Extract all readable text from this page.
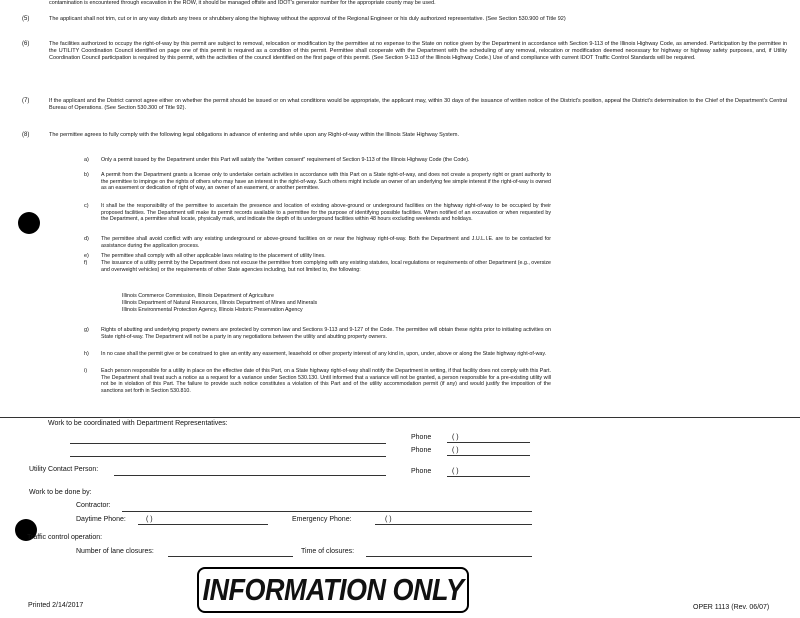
contamination is encountered through excavation in the ROW, it should be managed offsite and IDOT's generator number for the appropriate county may be used.
(5)	The applicant shall not trim, cut or in any way disturb any trees or shrubbery along the highway without the approval of the Regional Engineer or his duly authorized representative. (See Section 530.900 of Title 92)
(6)	The facilities authorized to occupy the right-of-way by this permit are subject to removal, relocation or modification by the permittee at no expense to the State on notice given by the Department in accordance with Section 9-113 of the Illinois Highway Code, as amended. Participation by the permittee in the UTILITY Coordination Council identified on page one of this permit is required as a condition of this permit. Permittee shall cooperate with the Department with the scheduling of any removal, relocation or modification deemed necessary for highway or highway safety purposes, and, if Utility Coordination Council participation is required by this permit, with the activities of the council identified on the first page of this permit. (See Section 9-113 of the Illinois Highway Code.) Use of and compliance with current IDOT Traffic Control Standards will be required.
(7)	If the applicant and the District cannot agree either on whether the permit should be issued or on what conditions would be appropriate, the applicant may, within 30 days of the issuance of written notice of the District's position, appeal the District's determination to the Chief of the Department's Central Bureau of Operations. (See Section 530.300 of Title 92).
(8)	The permittee agrees to fully comply with the following legal obligations in advance of entering and while upon any Right-of-way within the Illinois State Highway System.
a) Only a permit issued by the Department under this Part will satisfy the "written consent" requirement of Section 9-113 of the Illinois Highway Code (the Code).
b) A permit from the Department grants a license only to undertake certain activities in accordance with this Part on a State right-of-way, and does not create a property right or grant authority to the permittee to impinge on the rights of others who may have an interest in the right-of-way. Such others might include an owner of an underlying fee simple interest if the right-of-way is owned as an easement or dedication of right of way, an owner of an easement, or another permittee.
c) It shall be the responsibility of the permittee to ascertain the presence and location of existing above-ground or underground facilities on the highway right-of-way to be occupied by their proposed facilities. The Department will make its permit records available to a permittee for the purpose of identifying possible facilities. When notified of an excavation or when requested by the Department, a permittee shall locate, physically mark, and indicate the depth of its underground facilities within 48 hours excluding weekends and holidays.
d) The permittee shall avoid conflict with any existing underground or above-ground facilities on or near the highway right-of-way. Both the Department and J.U.L.I.E. are to be contacted for assistance during the application process.
e) The permittee shall comply with all other applicable laws relating to the placement of utility lines.
f)	The issuance of a utility permit by the Department does not excuse the permittee from complying with any existing statutes, local regulations or requirements of other Department (e.g., oversize and overweight vehicles) or the requirements of other State agencies including, but not limited to, the following:
Illinois Commerce Commission, Illinois Department of Agriculture
Illinois Department of Natural Resources, Illinois Department of Mines and Minerals
Illinois Environmental Protection Agency, Illinois Historic Preservation Agency
g) Rights of abutting and underlying property owners are protected by common law and Sections 9-113 and 9-127 of the Code. The permittee will obtain these rights prior to initiating activities on State right-of-way. The Department will not be a party in any negotiations between the utility and abutting property owners.
h) In no case shall the permit give or be construed to give an entity any easement, leasehold or other property interest of any kind in, upon, under, above or along the State highway right-of-way.
i)	Each person responsible for a utility in place on the effective date of this Part, on a State highway right-of-way shall notify the Department in writing, if that facility does not comply with this Part. The Department shall treat such a notice as a request for a variance under Section 530.130. Until informed that a variance will not be granted, a person responsible for a pre-existing utility will not be in violation of this Part. The failure to provide such notice constitutes a violation of this Part and of the utility accommodation permit (if any) and would justify the imposition of the sanctions set forth in Section 530.810.
Work to be coordinated with Department Representatives:
Phone	( )
Phone	( )
Utility Contact Person:	Phone	( )
Work to be done by:
Contractor:
Daytime Phone:	( )	Emergency Phone:	( )
Traffic control operation:
Number of lane closures:	Time of closures:
INFORMATION ONLY
Printed 2/14/2017	OPER 1113 (Rev. 06/07)
